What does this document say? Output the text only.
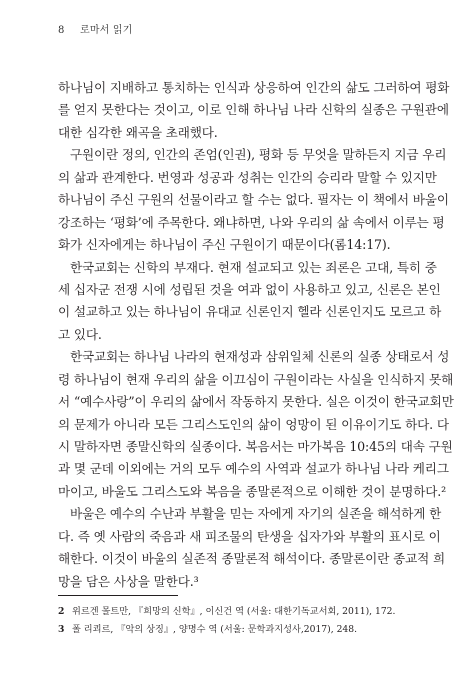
8 로마서 읽기
하나님이 지배하고 통치하는 인식과 상응하여 인간의 삶도 그러하여 평화
를 얻지 못한다는 것이고, 이로 인해 하나님 나라 신학의 실종은 구원관에
대한 심각한 왜곡을 초래했다.
구원이란 정의, 인간의 존엄(인권), 평화 등 무엇을 말하든지 지금 우리
의 삶과 관계한다. 번영과 성공과 성취는 인간의 승리라 말할 수 있지만
하나님이 주신 구원의 선물이라고 할 수는 없다. 필자는 이 책에서 바울이
강조하는 ‘평화’에 주목한다. 왜냐하면, 나와 우리의 삶 속에서 이루는 평
화가 신자에게는 하나님이 주신 구원이기 때문이다(롬14:17).
한국교회는 신학의 부재다. 현재 설교되고 있는 죄론은 고대, 특히 중
세 십자군 전쟁 시에 성립된 것을 여과 없이 사용하고 있고, 신론은 본인
이 설교하고 있는 하나님이 유대교 신론인지 헬라 신론인지도 모르고 하
고 있다.
한국교회는 하나님 나라의 현재성과 삼위일체 신론의 실종 상태로서 성
령 하나님이 현재 우리의 삶을 이끄심이 구원이라는 사실을 인식하지 못해
서 “예수사랑”이 우리의 삶에서 작동하지 못한다. 실은 이것이 한국교회만
의 문제가 아니라 모든 그리스도인의 삶이 엉망이 된 이유이기도 하다. 다
시 말하자면 종말신학의 실종이다. 복음서는 마가복음 10:45의 대속 구원
과 몇 군데 이외에는 거의 모두 예수의 사역과 설교가 하나님 나라 케리그
마이고, 바울도 그리스도와 복음을 종말론적으로 이해한 것이 분명하다.²
바울은 예수의 수난과 부활을 믿는 자에게 자기의 실존을 해석하게 한
다. 즉 옛 사람의 죽음과 새 피조물의 탄생을 십자가와 부활의 표시로 이
해한다. 이것이 바울의 실존적 종말론적 해석이다. 종말론이란 종교적 희
망을 담은 사상을 말한다.³
2 위르겐 몰트만, 『희망의 신학』, 이신건 역 (서울: 대한기독교서회, 2011), 172.
3 폴 리쾨르, 『악의 상징』, 양명수 역 (서울: 문학과지성사,2017), 248.
